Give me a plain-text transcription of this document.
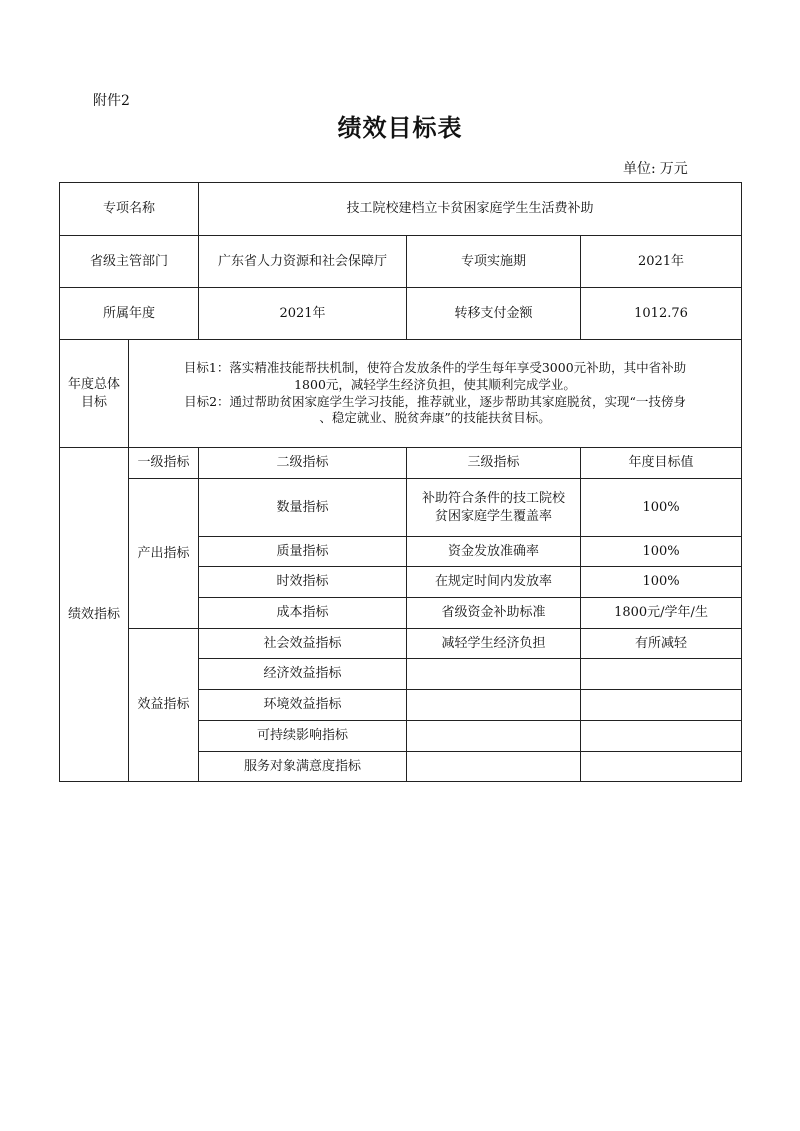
附件2
绩效目标表
单位: 万元
专项名称		技工院校建档立卡贫困家庭学生生活费补助		
省级主管部门		广东省人力资源和社会保障厅	专项实施期	2021年
所属年度		2021年	转移支付金额	1012.76

年度总体
目标	目标1：落实精准技能帮扶机制，使符合发放条件的学生每年享受3000元补助，其中省补助
1800元，减轻学生经济负担，使其顺利完成学业。
目标2：通过帮助贫困家庭学生学习技能，推荐就业，逐步帮助其家庭脱贫，实现“一技傍身
、稳定就业、脱贫奔康”的技能扶贫目标。			

绩效指标	一级指标	二级指标	三级指标	年度目标值
	产出指标	数量指标	补助符合条件的技工院校
贫困家庭学生覆盖率	100%
		质量指标	资金发放准确率	100%
		时效指标	在规定时间内发放率	100%
		成本指标	省级资金补助标准	1800元/学年/生
	效益指标	社会效益指标	减轻学生经济负担	有所减轻
		经济效益指标		
		环境效益指标		
		可持续影响指标		
		服务对象满意度指标		
